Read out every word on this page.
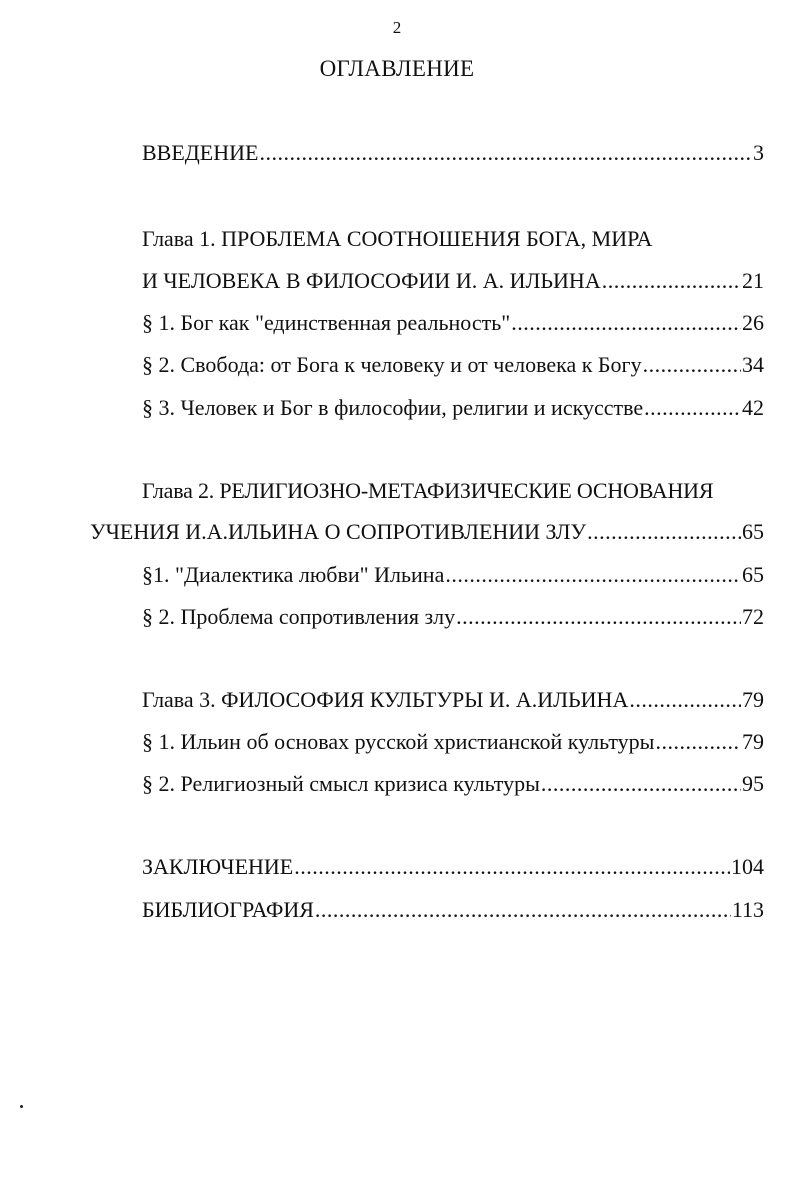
2
ОГЛАВЛЕНИЕ
ВВЕДЕНИЕ .....	3
Глава 1. ПРОБЛЕМА СООТНОШЕНИЯ БОГА, МИРА
И ЧЕЛОВЕКА В ФИЛОСОФИИ И. А. ИЛЬИНА .....	21
§ 1. Бог как "единственная реальность" .....	26
§ 2. Свобода: от Бога к человеку и от человека к Богу .....	34
§ 3. Человек и Бог в философии, религии и искусстве .....	42
Глава 2. РЕЛИГИОЗНО-МЕТАФИЗИЧЕСКИЕ ОСНОВАНИЯ
УЧЕНИЯ И.А.ИЛЬИНА О СОПРОТИВЛЕНИИ ЗЛУ .....	65
§1. "Диалектика любви" Ильина .....	65
§ 2. Проблема сопротивления злу .....	72
Глава 3. ФИЛОСОФИЯ КУЛЬТУРЫ И. А.ИЛЬИНА .....	79
§ 1. Ильин об основах русской христианской культуры .....	79
§ 2. Религиозный смысл кризиса культуры .....	95
ЗАКЛЮЧЕНИЕ .....	104
БИБЛИОГРАФИЯ .....	113
